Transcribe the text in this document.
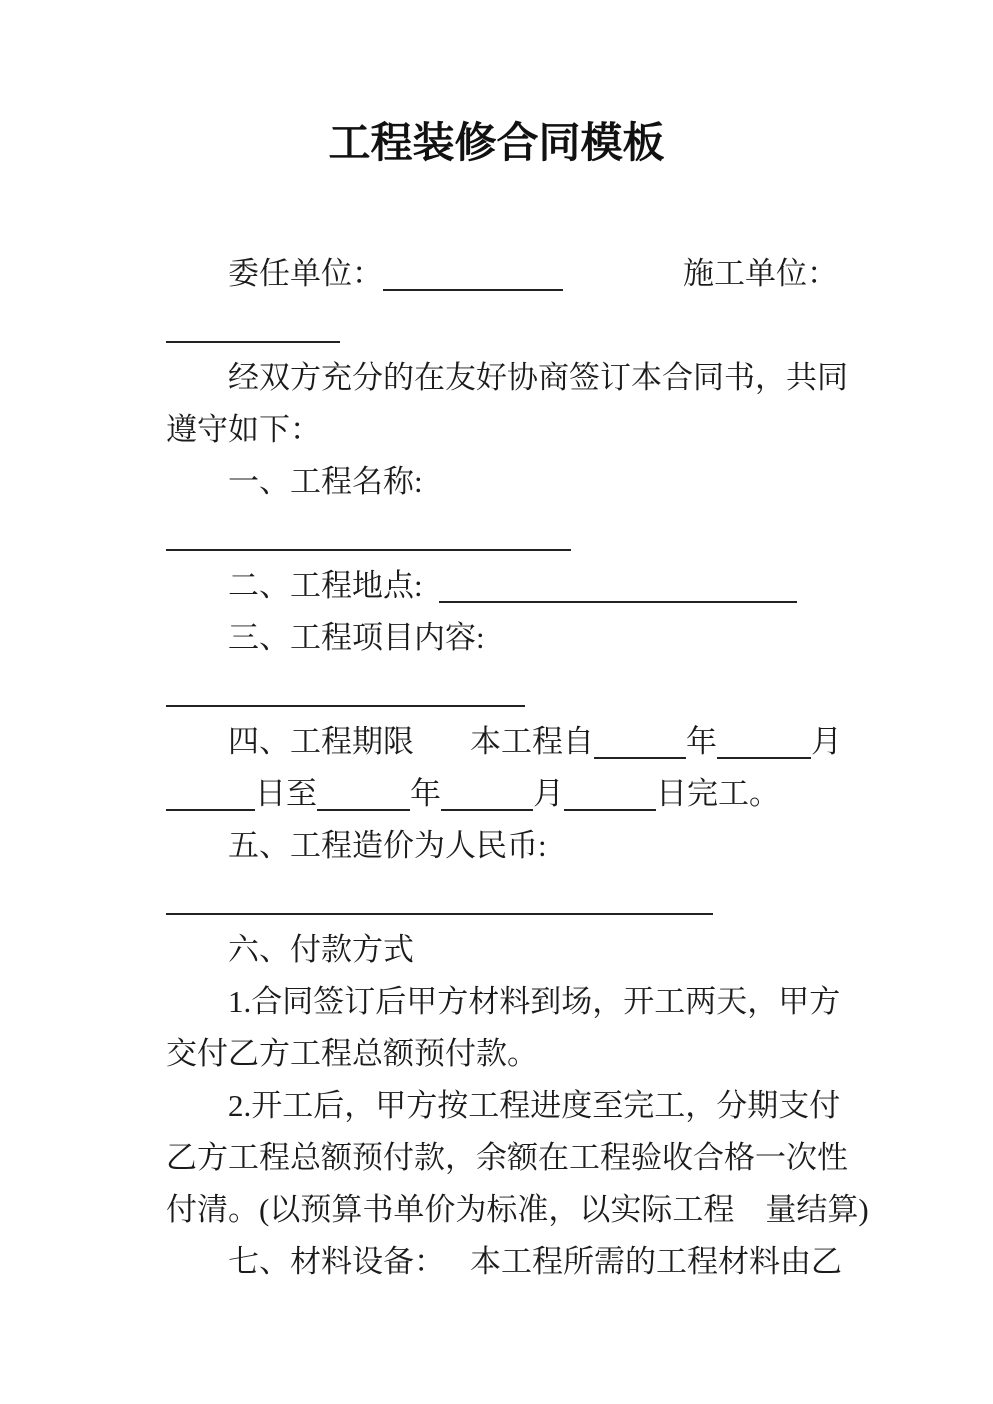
工程装修合同模板
委任单位：	施工单位：
经双方充分的在友好协商签订本合同书，共同
遵守如下：
一、工程名称:
二、工程地点:
三、工程项目内容:
四、工程期限 本工程自	年	月
日至	年	月	日完工。
五、工程造价为人民币:
六、付款方式
1.合同签订后甲方材料到场，开工两天，甲方
交付乙方工程总额预付款。
2.开工后，甲方按工程进度至完工，分期支付
乙方工程总额预付款，余额在工程验收合格一次性
付清。(以预算书单价为标准，以实际工程　量结算)
七、材料设备： 本工程所需的工程材料由乙
